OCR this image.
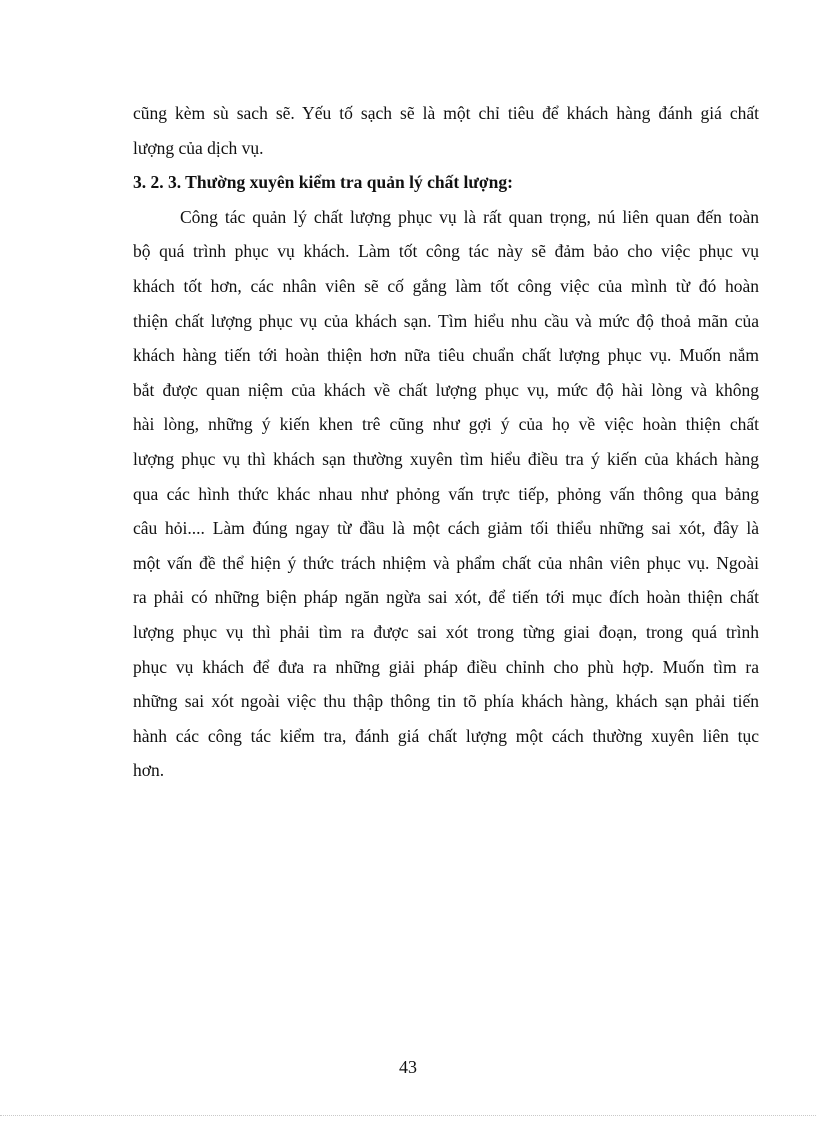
cũng kèm sù sach sẽ. Yếu tố sạch sẽ là một chỉ tiêu để khách hàng đánh giá chất
lượng của dịch vụ.
3. 2. 3. Thường xuyên kiểm tra quản lý chất lượng:
Công tác quản lý chất lượng phục vụ là rất quan trọng, nú liên quan đến toàn
bộ quá trình phục vụ khách. Làm tốt công tác này sẽ đảm bảo cho việc phục vụ
khách tốt hơn, các nhân viên sẽ cố gắng làm tốt công việc của mình từ đó hoàn
thiện chất lượng phục vụ của khách sạn. Tìm hiểu nhu cầu và mức độ thoả mãn của
khách hàng tiến tới hoàn thiện hơn nữa tiêu chuẩn chất lượng phục vụ. Muốn nắm
bắt được quan niệm của khách về chất lượng phục vụ, mức độ hài lòng và không
hài lòng, những ý kiến khen trê cũng như gợi ý của họ về việc hoàn thiện chất
lượng phục vụ thì khách sạn thường xuyên tìm hiểu điều tra ý kiến của khách hàng
qua các hình thức khác nhau như phỏng vấn trực tiếp, phỏng vấn thông qua bảng
câu hỏi.... Làm đúng ngay từ đầu là một cách giảm tối thiểu những sai xót, đây là
một vấn đề thể hiện ý thức trách nhiệm và phẩm chất của nhân viên phục vụ. Ngoài
ra phải có những biện pháp ngăn ngừa sai xót, để tiến tới mục đích hoàn thiện chất
lượng phục vụ thì phải tìm ra được sai xót trong từng giai đoạn, trong quá trình
phục vụ khách để đưa ra những giải pháp điều chỉnh cho phù hợp. Muốn tìm ra
những sai xót ngoài việc thu thập thông tin tõ phía khách hàng, khách sạn phải tiến
hành các công tác kiểm tra, đánh giá chất lượng một cách thường xuyên liên tục
hơn.
43
